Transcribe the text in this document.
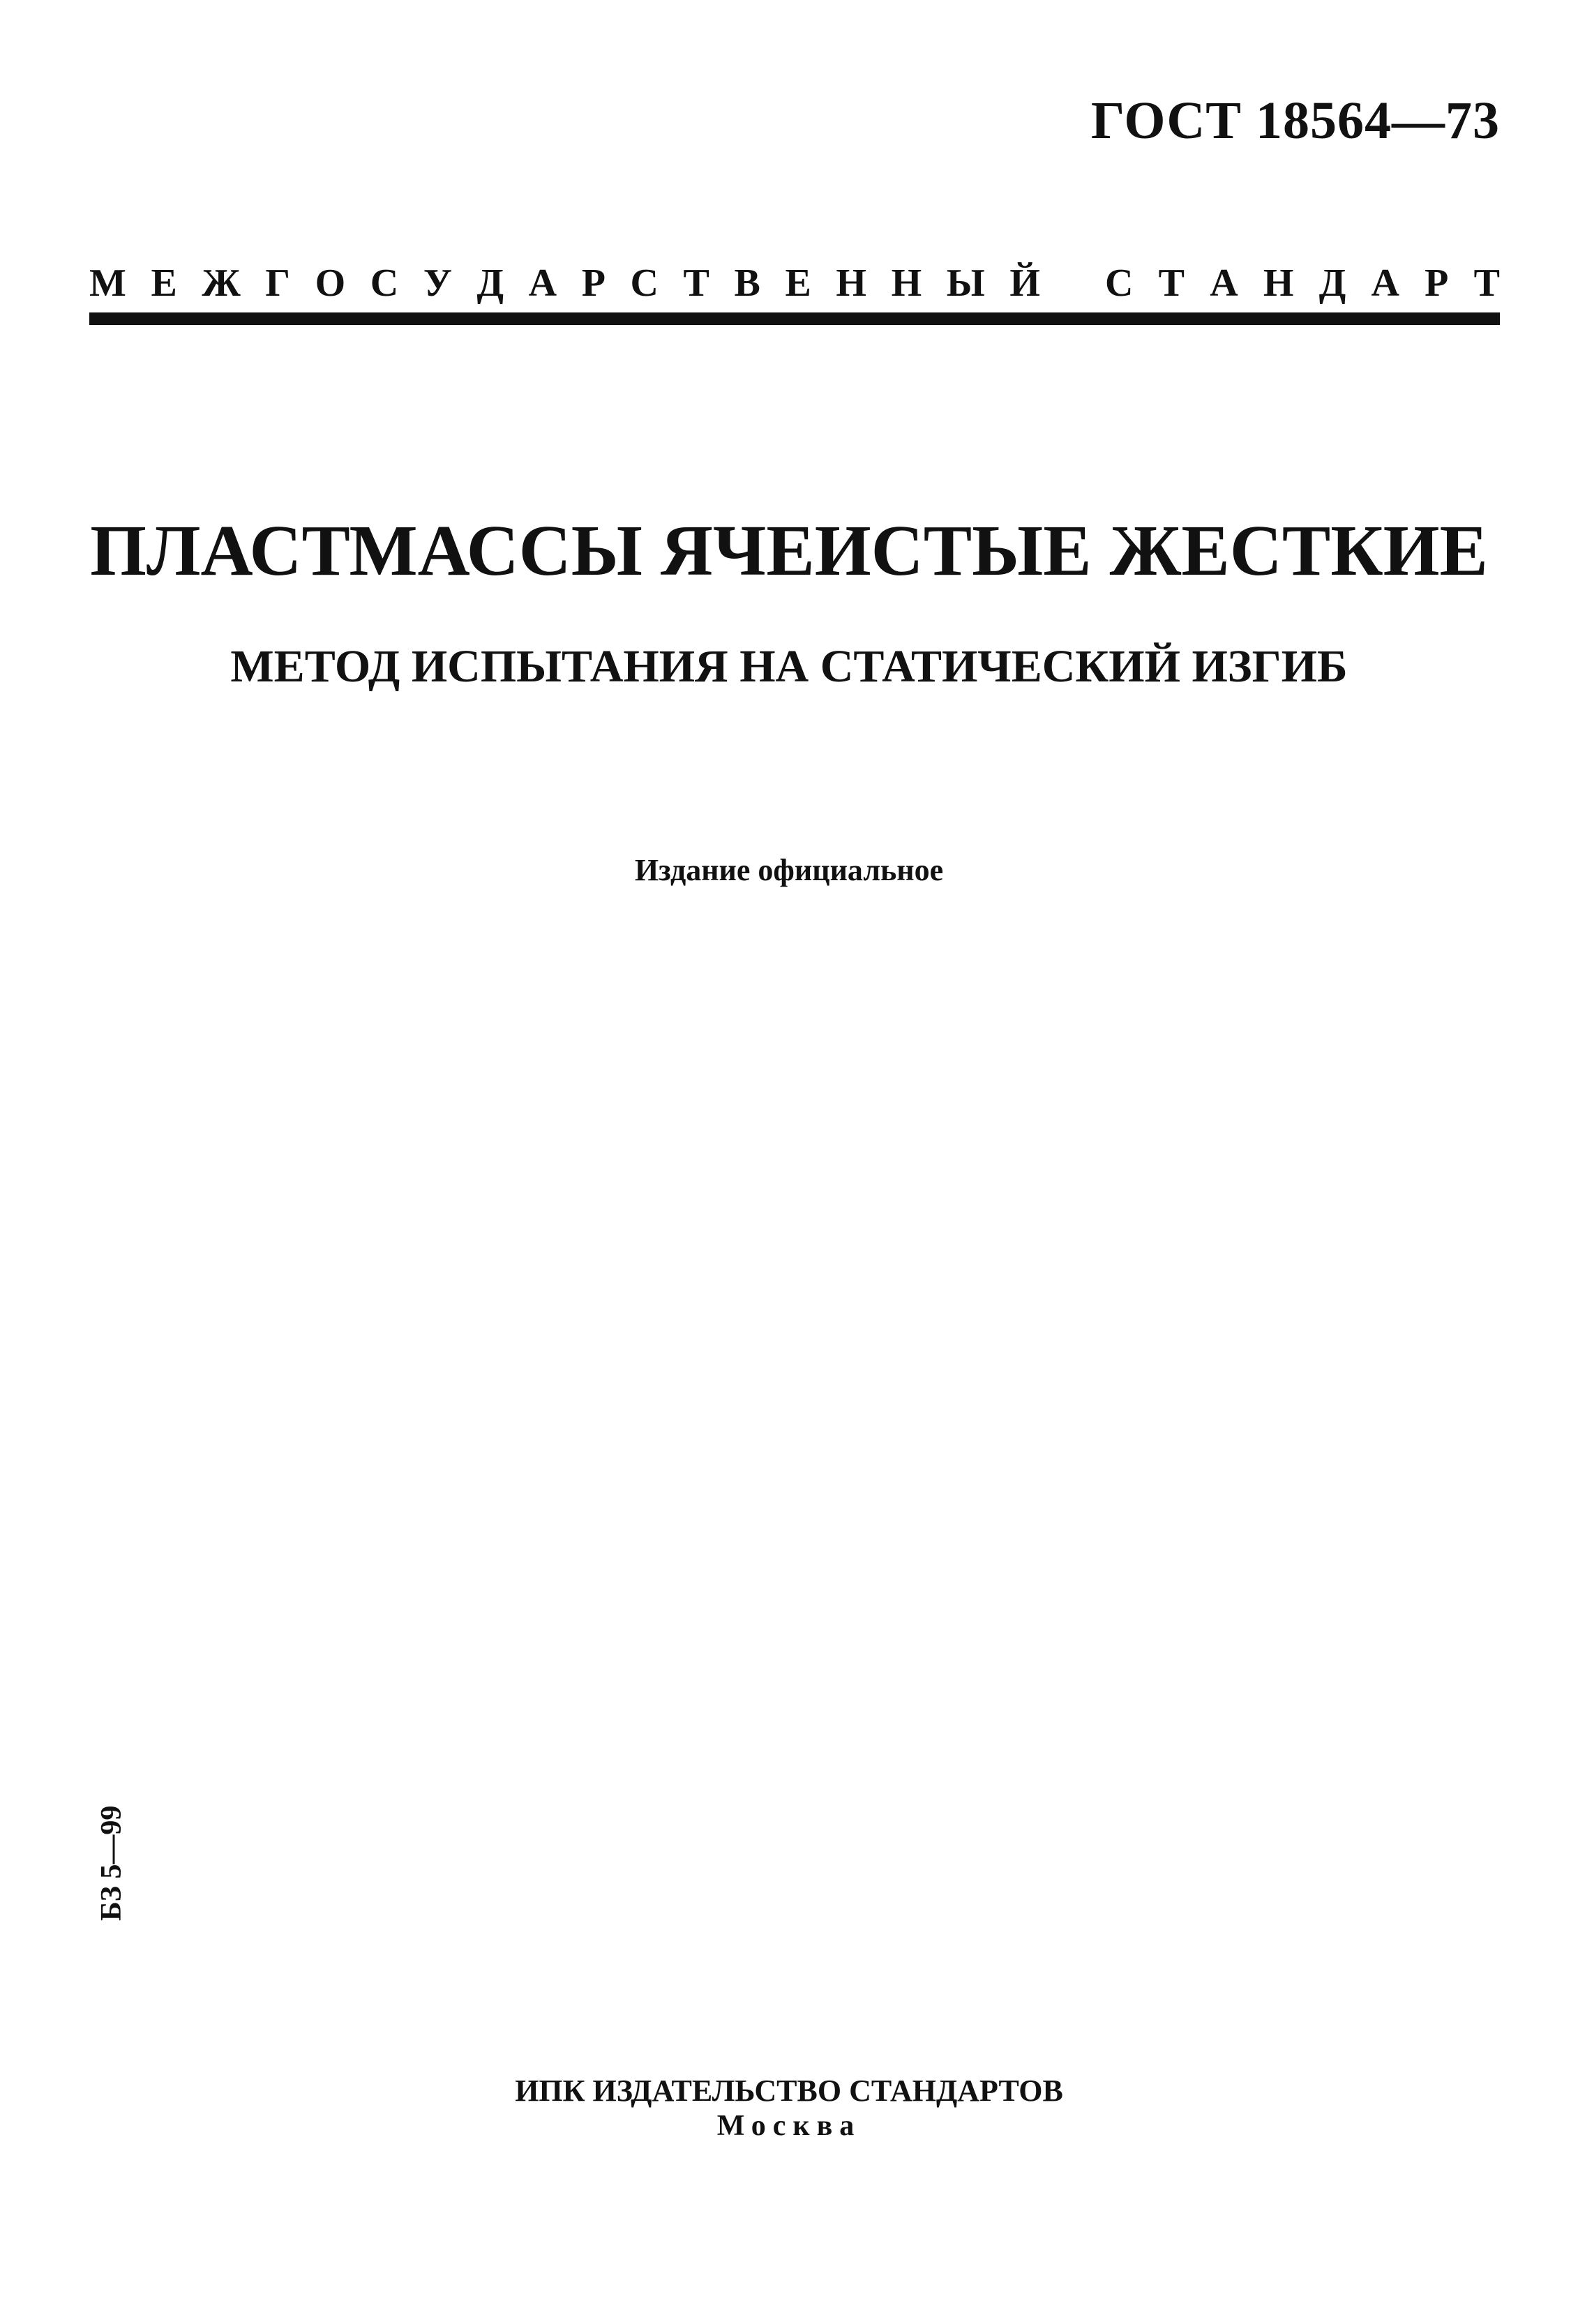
ГОСТ 18564—73
М Е Ж Г О С У Д А Р С Т В Е Н Н Ы Й С Т А Н Д А Р Т
ПЛАСТМАССЫ ЯЧЕИСТЫЕ ЖЕСТКИЕ
МЕТОД ИСПЫТАНИЯ НА СТАТИЧЕСКИЙ ИЗГИБ
Издание официальное
БЗ 5—99
ИПК ИЗДАТЕЛЬСТВО СТАНДАРТОВ
Москва
